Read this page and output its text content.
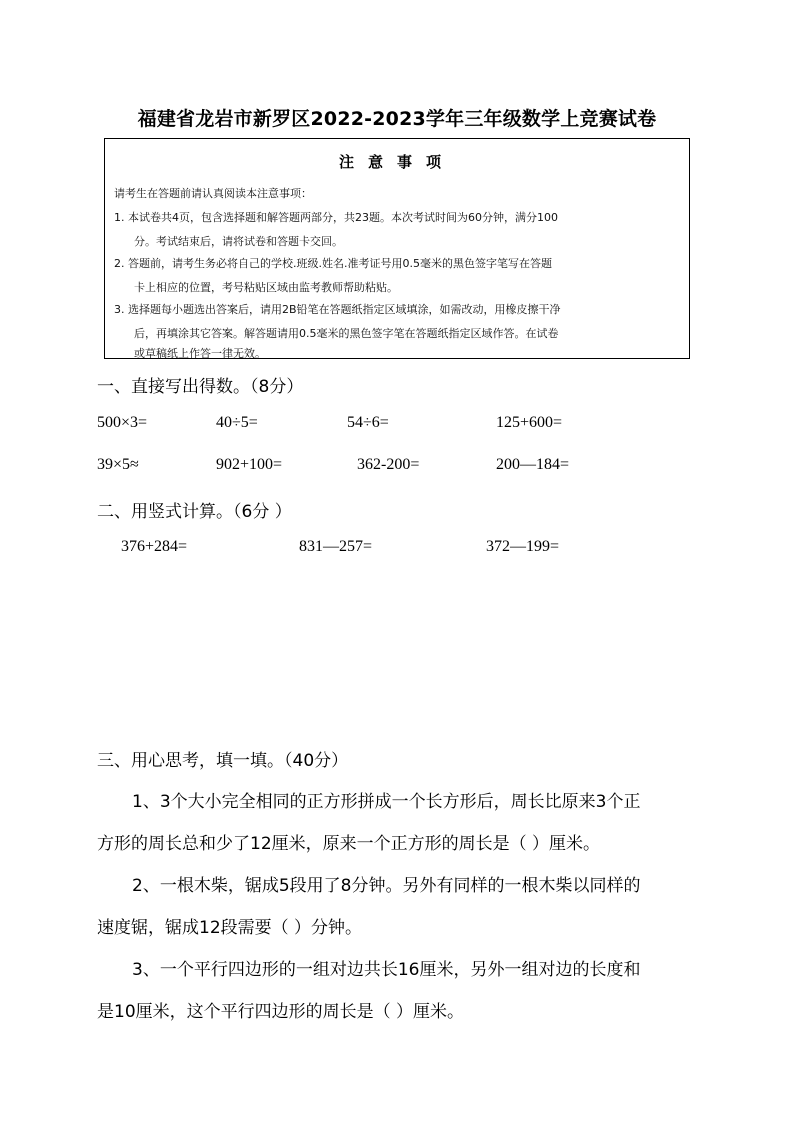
福建省龙岩市新罗区2022-2023学年三年级数学上竞赛试卷
注意事项
请考生在答题前请认真阅读本注意事项：
1. 本试卷共4页，包含选择题和解答题两部分，共23题。本次考试时间为60分钟，满分100
分。考试结束后，请将试卷和答题卡交回。
2. 答题前，请考生务必将自己的学校.班级.姓名.准考证号用0.5毫米的黑色签字笔写在答题
卡上相应的位置，考号粘贴区域由监考教师帮助粘贴。
3. 选择题每小题选出答案后，请用2B铅笔在答题纸指定区域填涂，如需改动，用橡皮擦干净
后，再填涂其它答案。解答题请用0.5毫米的黑色签字笔在答题纸指定区域作答。在试卷
或草稿纸上作答一律无效。
一、直接写出得数。（8分）
500×3=	40÷5=	54÷6=	125+600=
39×5≈	902+100=	362-200=	200—184=
二、用竖式计算。（6分 ）
376+284=	831—257=	372—199=
三、用心思考，填一填。（40分）
1、3个大小完全相同的正方形拼成一个长方形后，周长比原来3个正
方形的周长总和少了12厘米，原来一个正方形的周长是（ ）厘米。
2、一根木柴，锯成5段用了8分钟。另外有同样的一根木柴以同样的
速度锯，锯成12段需要（ ）分钟。
3、一个平行四边形的一组对边共长16厘米，另外一组对边的长度和
是10厘米，这个平行四边形的周长是（ ）厘米。
